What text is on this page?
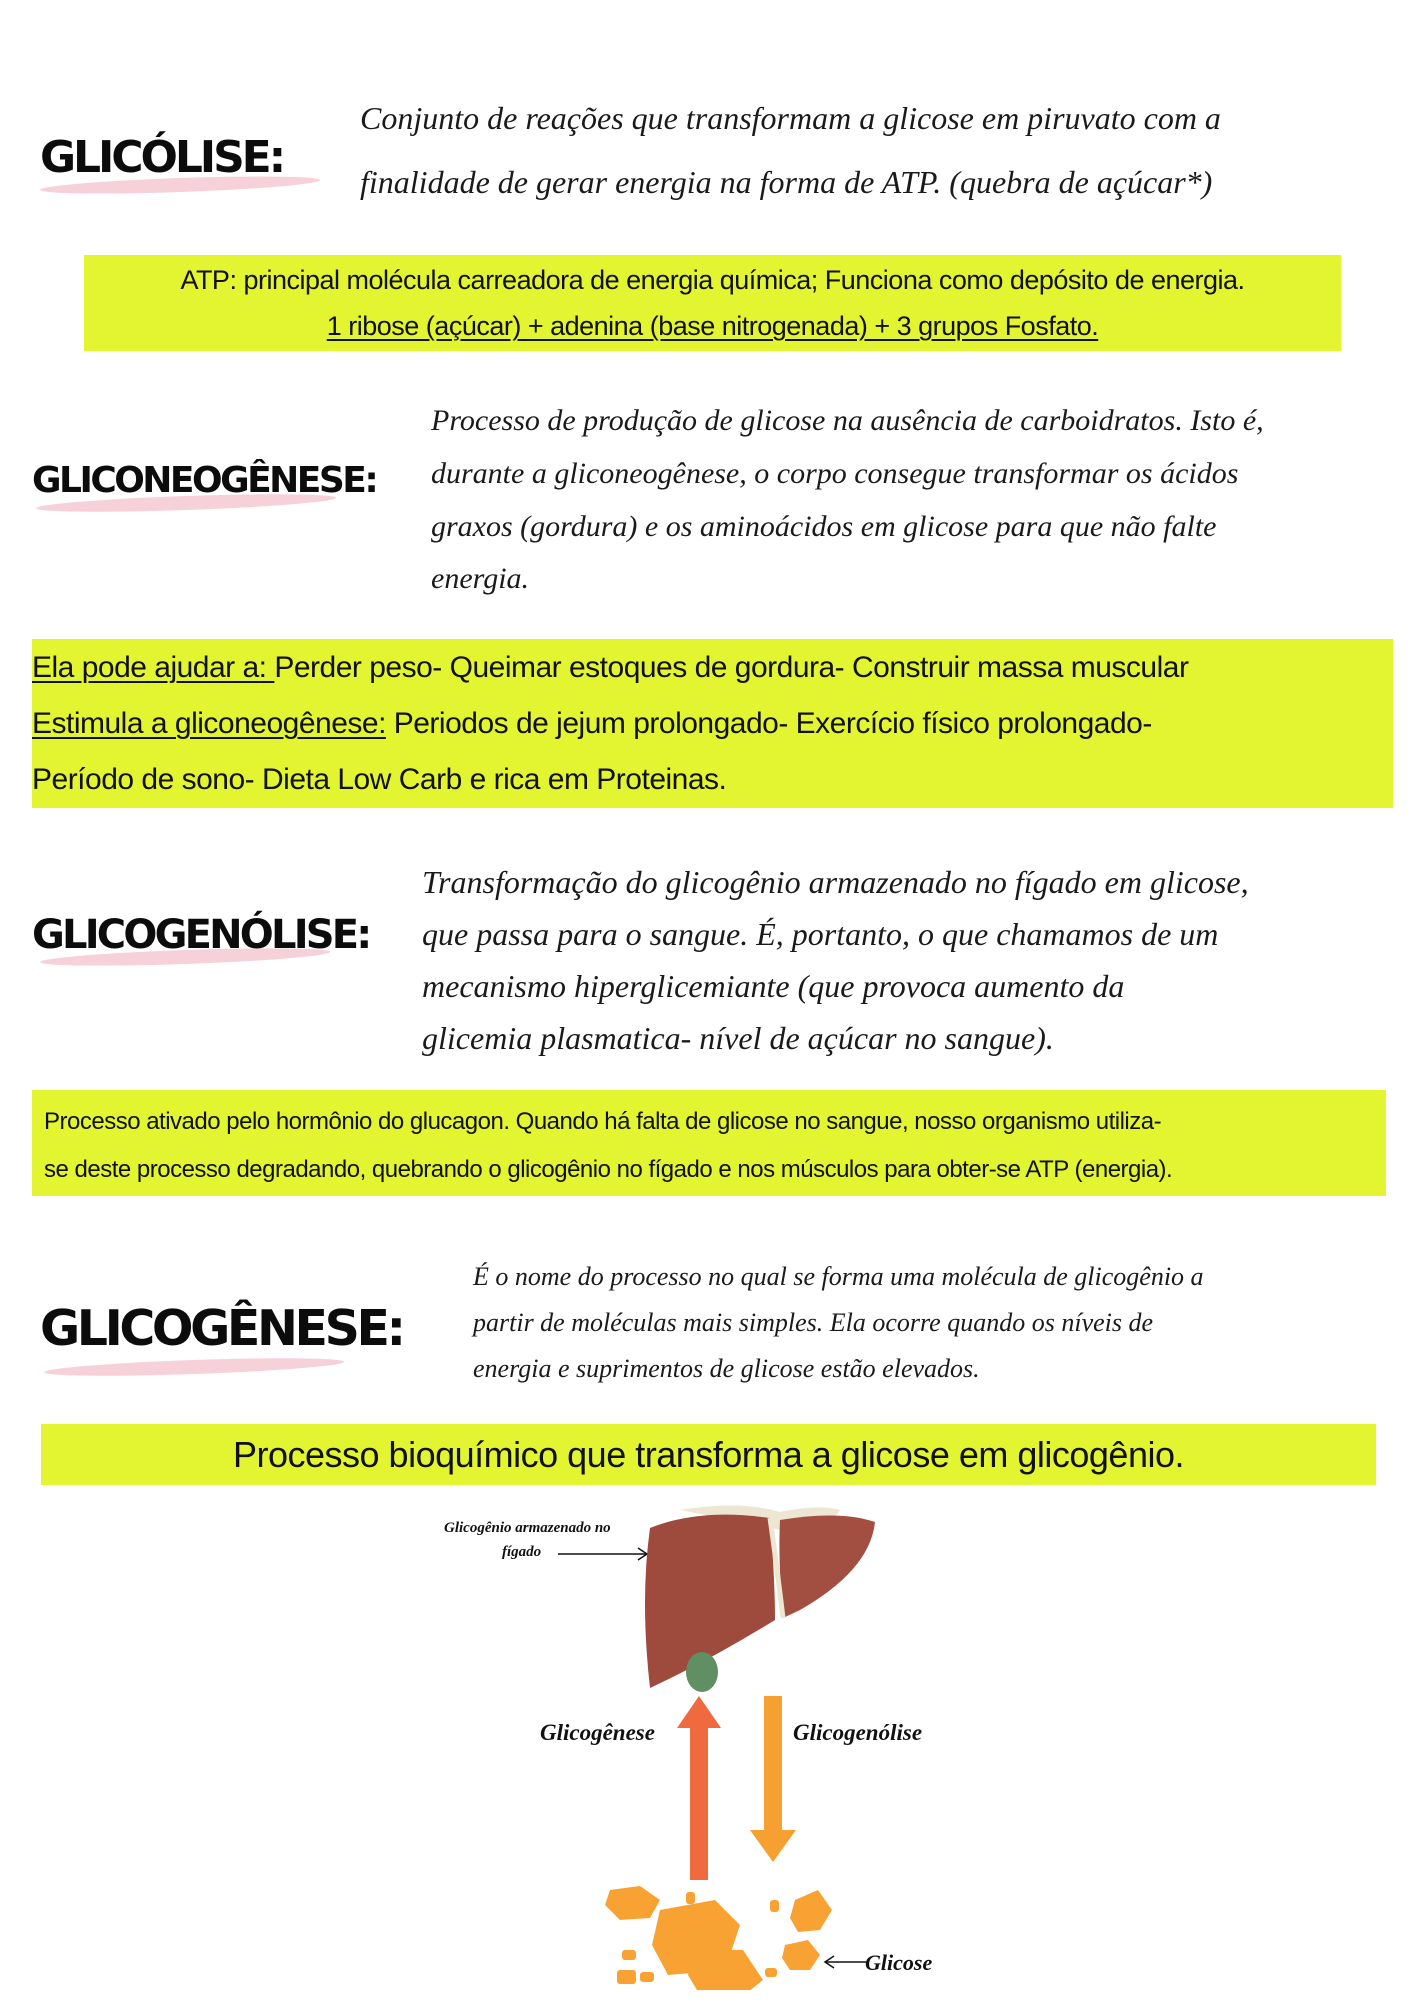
GLICÓLISE:
Conjunto de reações que transformam a glicose em piruvato com a
finalidade de gerar energia na forma de ATP. (quebra de açúcar*)
ATP: principal molécula carreadora de energia química; Funciona como depósito de energia.
1 ribose (açúcar) + adenina (base nitrogenada) + 3 grupos Fosfato.
GLICONEOGÊNESE:
Processo de produção de glicose na ausência de carboidratos. Isto é,
durante a gliconeogênese, o corpo consegue transformar os ácidos
graxos (gordura) e os aminoácidos em glicose para que não falte
energia.
Ela pode ajudar a: Perder peso- Queimar estoques de gordura- Construir massa muscular
Estimula a gliconeogênese: Periodos de jejum prolongado- Exercício físico prolongado-
Período de sono- Dieta Low Carb e rica em Proteinas.
GLICOGENÓLISE:
Transformação do glicogênio armazenado no fígado em glicose,
que passa para o sangue. É, portanto, o que chamamos de um
mecanismo hiperglicemiante (que provoca aumento da
glicemia plasmatica- nível de açúcar no sangue).
Processo ativado pelo hormônio do glucagon. Quando há falta de glicose no sangue, nosso organismo utiliza-
se deste processo degradando, quebrando o glicogênio no fígado e nos músculos para obter-se ATP (energia).
GLICOGÊNESE:
É o nome do processo no qual se forma uma molécula de glicogênio a
partir de moléculas mais simples. Ela ocorre quando os níveis de
energia e suprimentos de glicose estão elevados.
Processo bioquímico que transforma a glicose em glicogênio.
Glicogênio armazenado no
fígado
Glicogênese	Glicogenólise
Glicose
